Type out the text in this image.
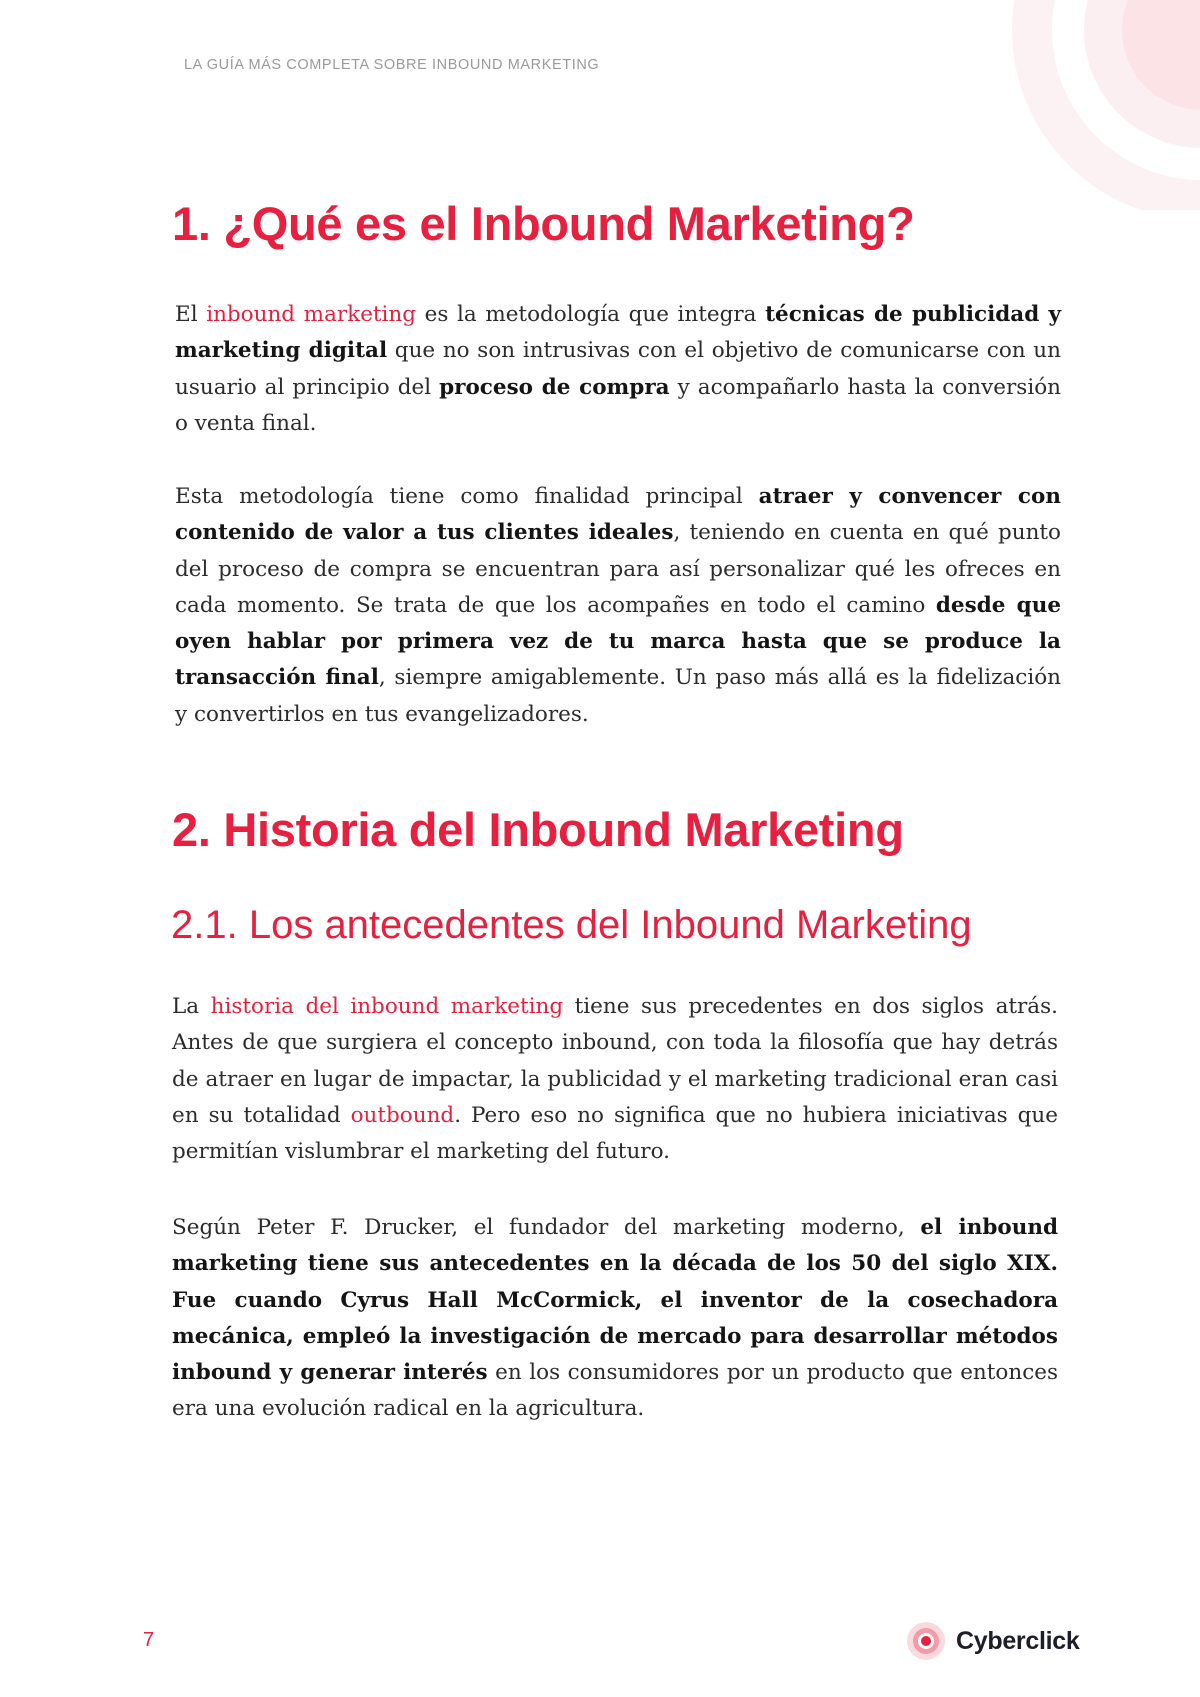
LA GUÍA MÁS COMPLETA SOBRE INBOUND MARKETING
1. ¿Qué es el Inbound Marketing?

El inbound marketing es la metodología que integra técnicas de publicidad y marketing digital que no son intrusivas con el objetivo de comunicarse con un usuario al principio del proceso de compra y acompañarlo hasta la conversión o venta final.

Esta metodología tiene como finalidad principal atraer y convencer con contenido de valor a tus clientes ideales, teniendo en cuenta en qué punto del proceso de compra se encuentran para así personalizar qué les ofreces en cada momento. Se trata de que los acompañes en todo el camino desde que oyen hablar por primera vez de tu marca hasta que se produce la transacción final, siempre amigablemente. Un paso más allá es la fidelización y convertirlos en tus evangelizadores.

2. Historia del Inbound Marketing
2.1. Los antecedentes del Inbound Marketing

La historia del inbound marketing tiene sus precedentes en dos siglos atrás. Antes de que surgiera el concepto inbound, con toda la filosofía que hay detrás de atraer en lugar de impactar, la publicidad y el marketing tradicional eran casi en su totalidad outbound. Pero eso no significa que no hubiera iniciativas que permitían vislumbrar el marketing del futuro.

Según Peter F. Drucker, el fundador del marketing moderno, el inbound marketing tiene sus antecedentes en la década de los 50 del siglo XIX. Fue cuando Cyrus Hall McCormick, el inventor de la cosechadora mecánica, empleó la investigación de mercado para desarrollar métodos inbound y generar interés en los consumidores por un producto que entonces era una evolución radical en la agricultura.

7	Cyberclick
